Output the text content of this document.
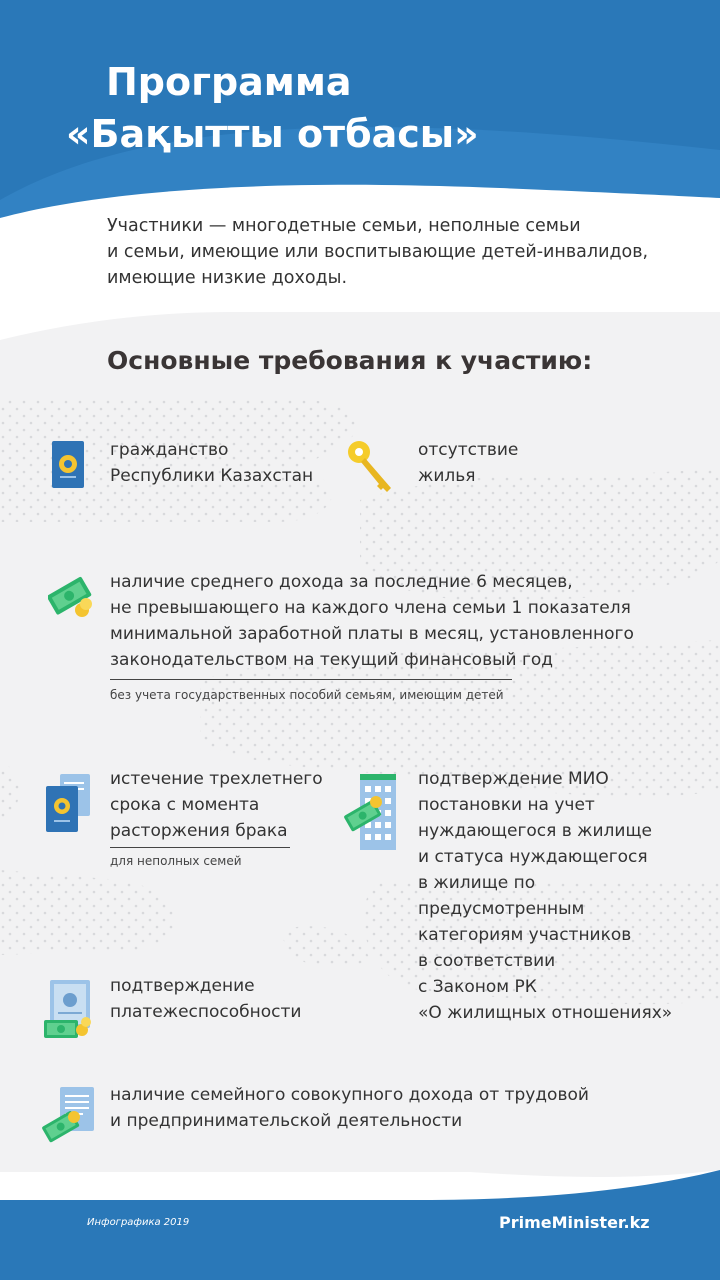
Программа
«Бақытты отбасы»
Участники — многодетные семьи, неполные семьи
и семьи, имеющие или воспитывающие детей-инвалидов,
имеющие низкие доходы.
Основные требования к участию:
гражданство
Республики Казахстан
отсутствие
жилья
наличие среднего дохода за последние 6 месяцев,
не превышающего на каждого члена семьи 1 показателя
минимальной заработной платы в месяц, установленного
законодательством на текущий финансовый год
без учета государственных пособий семьям, имеющим детей
истечение трехлетнего
срока с момента
расторжения брака
для неполных семей
подтверждение МИО
постановки на учет
нуждающегося в жилище
и статуса нуждающегося
в жилище по
предусмотренным
категориям участников
в соответствии
с Законом РК
«О жилищных отношениях»
подтверждение
платежеспособности
наличие семейного совокупного дохода от трудовой
и предпринимательской деятельности
Инфографика 2019	PrimeMinister.kz
